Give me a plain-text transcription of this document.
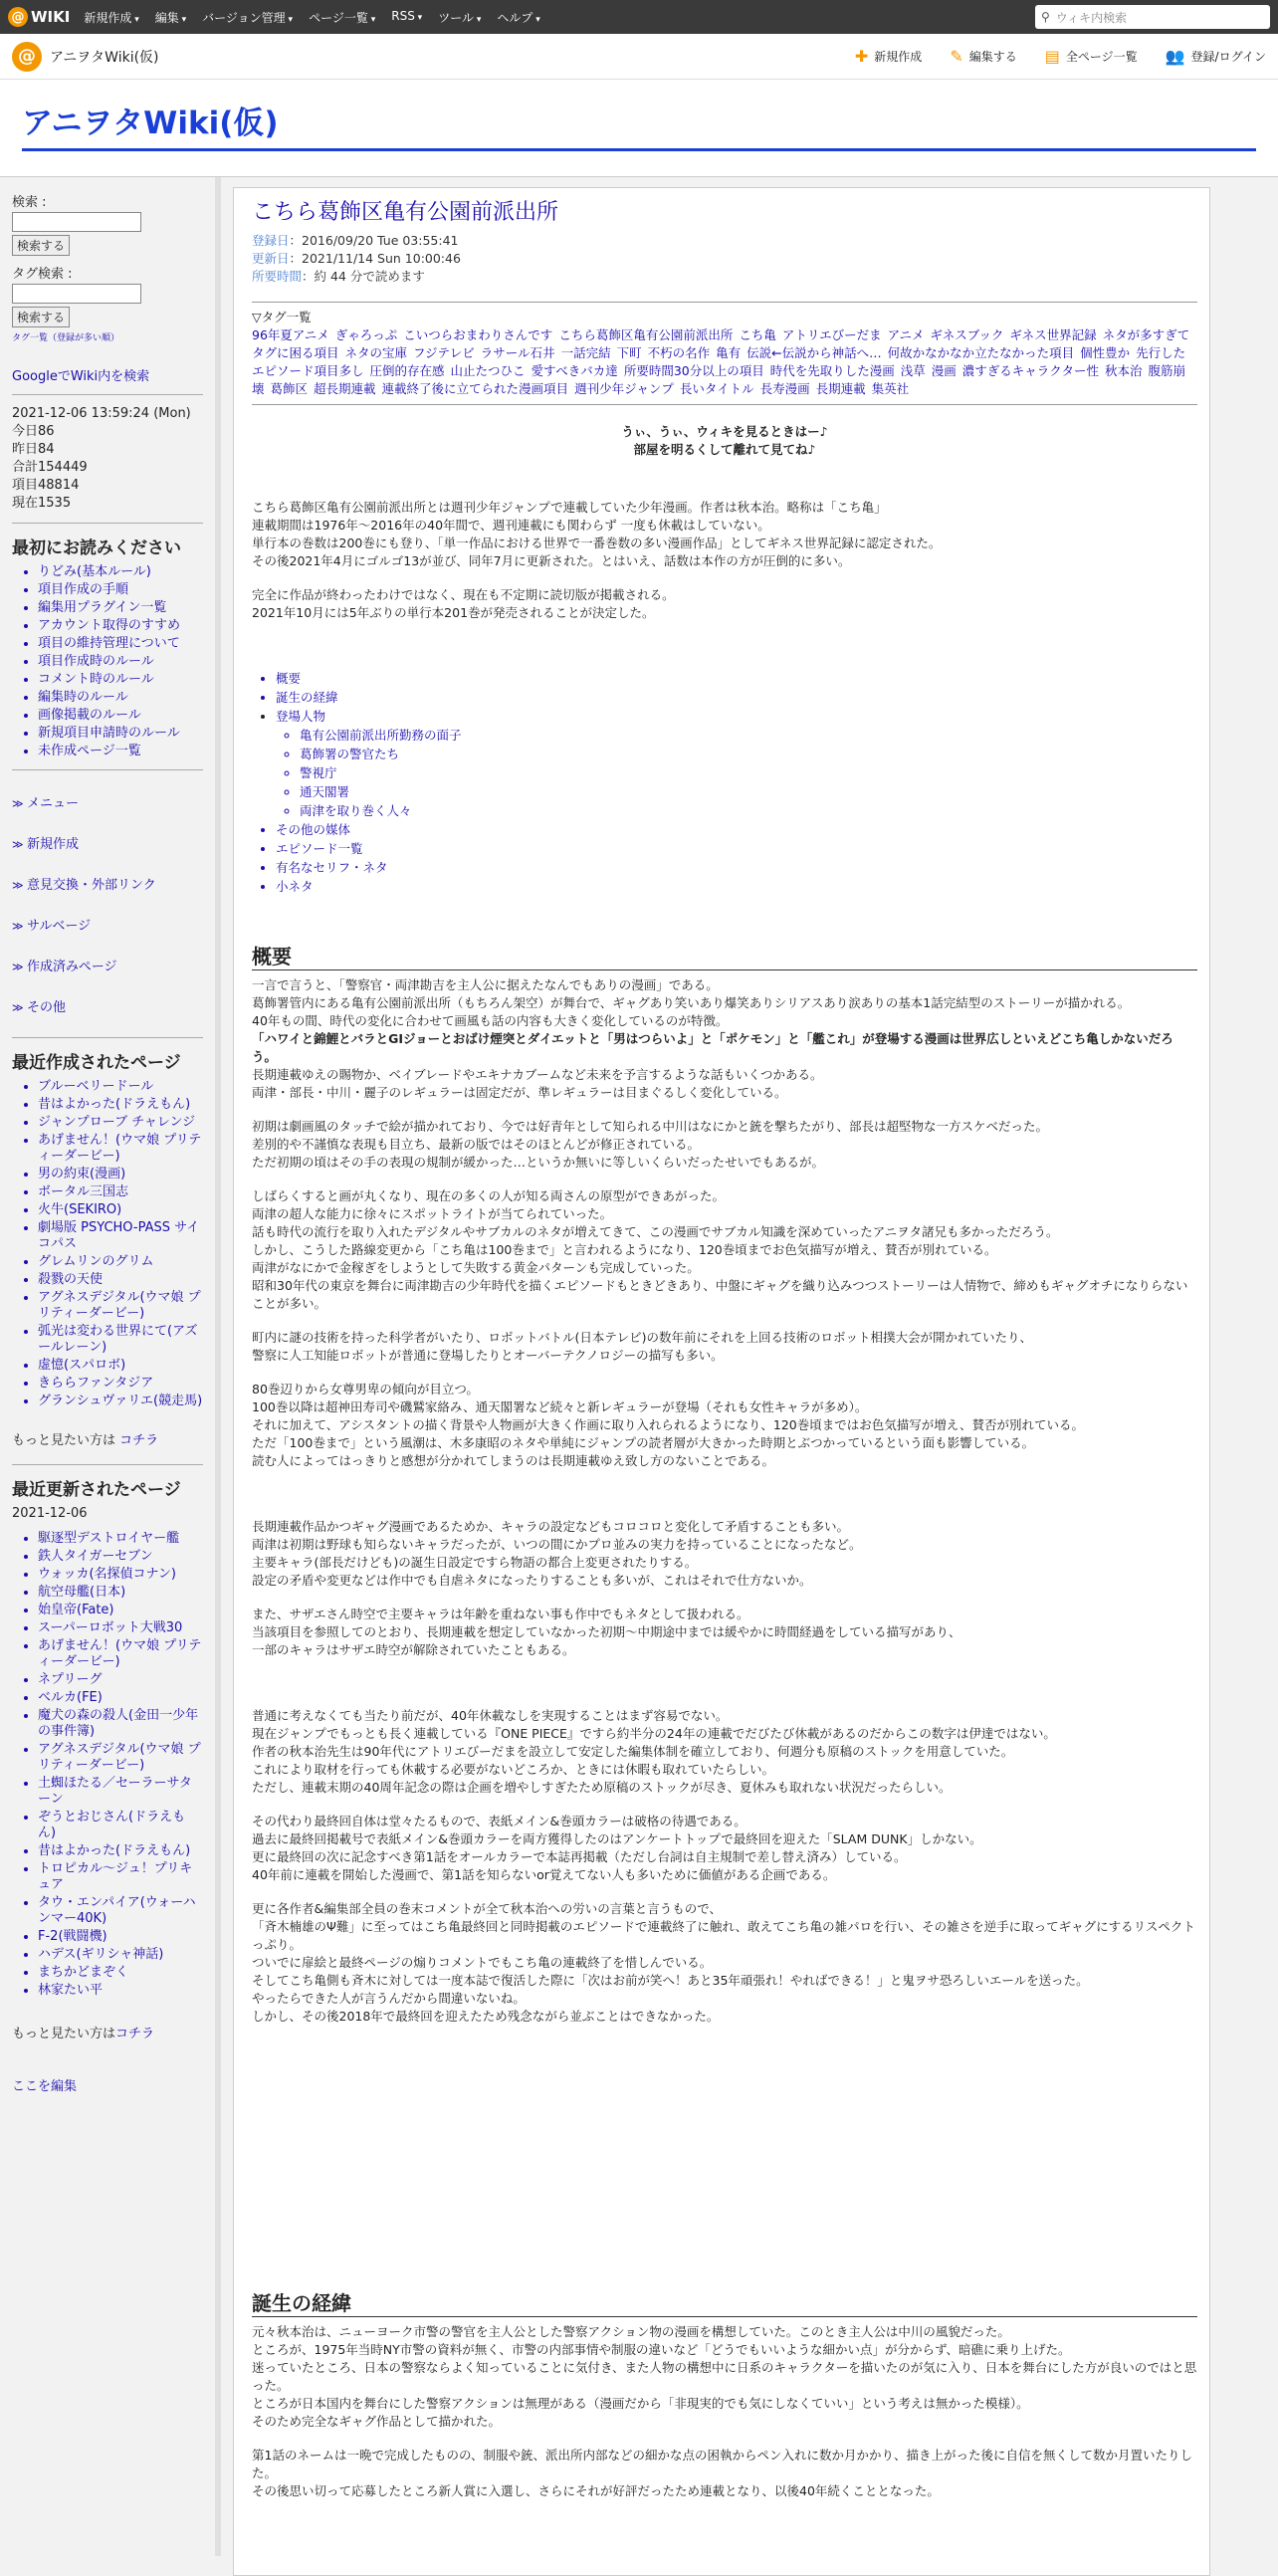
@ WIKI 新規作成 ▾	編集 ▾	バージョン管理 ▾	ページ一覧 ▾	RSS ▾	ツール ▾	ヘルプ ▾	⚲ ウィキ内検索
@	アニヲタWiki(仮)	✚ 新規作成 ✎ 編集する ▤ 全ページ一覧 👥 登録/ログイン
アニヲタWiki(仮)
検索 :
検索する
タグ検索 :
検索する
タグ一覧（登録が多い順）
GoogleでWiki内を検索
2021-12-06 13:59:24 (Mon)
今日86
昨日84
合計154449
項目48814
現在1535
最初にお読みください
• りどみ(基本ルール)
• 項目作成の手順
• 編集用プラグイン一覧
• アカウント取得のすすめ
• 項目の維持管理について
• 項目作成時のルール
• コメント時のルール
• 編集時のルール
• 画像掲載のルール
• 新規項目申請時のルール
• 未作成ページ一覧
≫ メニュー
≫ 新規作成
≫ 意見交換・外部リンク
≫ サルベージ
≫ 作成済みページ
≫ その他
最近作成されたページ
• ブルーベリードール
• 昔はよかった(ドラえもん)
• ジャンプローブ チャレンジ
• あげません！(ウマ娘 プリティーダービー)
• 男の約束(漫画)
• ボータル三国志
• 火牛(SEKIRO)
• 劇場版 PSYCHO-PASS サイコパス
• グレムリンのグリム
• 殺戮の天使
• アグネスデジタル(ウマ娘 プリティーダービー)
• 弧光は変わる世界にて(アズールレーン)
• 虚憶(スパロボ)
• きららファンタジア
• グランシュヴァリエ(競走馬)
もっと見たい方は コチラ
最近更新されたページ
2021-12-06
• 駆逐型デストロイヤー艦
• 鉄人タイガーセブン
• ウォッカ(名探偵コナン)
• 航空母艦(日本)
• 始皇帝(Fate)
• スーパーロボット大戦30
• あげません！(ウマ娘 プリティーダービー)
• ネプリーグ
• ベルカ(FE)
• 魔犬の森の殺人(金田一少年の事件簿)
• アグネスデジタル(ウマ娘 プリティーダービー)
• 土蜘ほたる／セーラーサターン
• ぞうとおじさん(ドラえもん)
• 昔はよかった(ドラえもん)
• トロピカル〜ジュ！プリキュア
• タウ・エンパイア(ウォーハンマー40K)
• F-2(戦闘機)
• ハデス(ギリシャ神話)
• まちかどまぞく
• 林家たい平
もっと見たい方はコチラ
ここを編集
こちら葛飾区亀有公園前派出所
登録日：2016/09/20 Tue 03:55:41
更新日：2021/11/14 Sun 10:00:46
所要時間：約 44 分で読めます
▽タグ一覧
96年夏アニメ ぎゃろっぷ こいつらおまわりさんです こちら葛飾区亀有公園前派出所 こち亀 アトリエびーだま アニメ ギネスブック ギネス世界記録 ネタが多すぎてタグに困る項目 ネタの宝庫 フジテレビ ラサール石井 一話完結 下町 不朽の名作 亀有 伝説←伝説から神話へ… 何故かなかなか立たなかった項目 個性豊か 先行したエピソード項目多し 圧倒的存在感 山止たつひこ 愛すべきバカ達 所要時間30分以上の項目 時代を先取りした漫画 浅草 漫画 濃すぎるキャラクター性 秋本治 腹筋崩壊 葛飾区 超長期連載 連載終了後に立てられた漫画項目 週刊少年ジャンプ 長いタイトル 長寿漫画 長期連載 集英社
うぃ、うぃ、ウィキを見るときはー♪
部屋を明るくして離れて見てね♪
こちら葛飾区亀有公園前派出所とは週刊少年ジャンプで連載していた少年漫画。作者は秋本治。略称は「こち亀」
連載期間は1976年～2016年の40年間で、週刊連載にも関わらず 一度も休載はしていない。
単行本の巻数は200巻にも登り、「単一作品における世界で一番巻数の多い漫画作品」としてギネス世界記録に認定された。
その後2021年4月にゴルゴ13が並び、同年7月に更新された。とはいえ、話数は本作の方が圧倒的に多い。
完全に作品が終わったわけではなく、現在も不定期に読切版が掲載される。
2021年10月には5年ぶりの単行本201巻が発売されることが決定した。
• 概要
• 誕生の経緯
• 登場人物
◦ 亀有公園前派出所勤務の面子
◦ 葛飾署の警官たち
◦ 警視庁
◦ 通天閣署
◦ 両津を取り巻く人々
• その他の媒体
• エピソード一覧
• 有名なセリフ・ネタ
• 小ネタ
概要
一言で言うと、「警察官・両津勘吉を主人公に据えたなんでもありの漫画」である。
葛飾署管内にある亀有公園前派出所（もちろん架空）が舞台で、ギャグあり笑いあり爆笑ありシリアスあり涙ありの基本1話完結型のストーリーが描かれる。
40年もの間、時代の変化に合わせて画風も話の内容も大きく変化しているのが特徴。
「ハワイと錦鯉とバラとGIジョーとおばけ煙突とダイエットと「男はつらいよ」と「ポケモン」と「艦これ」が登場する漫画は世界広しといえどこち亀しかないだろう。
長期連載ゆえの賜物か、ベイブレードやエキナカブームなど未来を予言するような話もいくつかある。
両津・部長・中川・麗子のレギュラーは固定だが、準レギュラーは目まぐるしく変化している。
初期は劇画風のタッチで絵が描かれており、今では好青年として知られる中川はなにかと銃を撃ちたがり、部長は超堅物な一方スケベだった。
差別的や不謹慎な表現も目立ち、最新の版ではそのほとんどが修正されている。
ただ初期の頃はその手の表現の規制が緩かった…というか無いに等しいくらいだったせいでもあるが。
しばらくすると画が丸くなり、現在の多くの人が知る両さんの原型ができあがった。
両津の超人な能力に徐々にスポットライトが当てられていった。
話も時代の流行を取り入れたデジタルやサブカルのネタが増えてきて、この漫画でサブカル知識を深めていったアニヲタ諸兄も多かっただろう。
しかし、こうした路線変更から「こち亀は100巻まで」と言われるようになり、120巻頃までお色気描写が増え、賛否が別れている。
両津がなにかで金稼ぎをしようとして失敗する黄金パターンも完成していった。
昭和30年代の東京を舞台に両津勘吉の少年時代を描くエピソードもときどきあり、中盤にギャグを織り込みつつストーリーは人情物で、締めもギャグオチになりらないことが多い。
町内に謎の技術を持った科学者がいたり、ロボットバトル(日本テレビ)の数年前にそれを上回る技術のロボット相撲大会が開かれていたり、
警察に人工知能ロボットが普通に登場したりとオーバーテクノロジーの描写も多い。
80巻辺りから女尊男卑の傾向が目立つ。
100巻以降は超神田寿司や磯鷲家絡み、通天閣署など続々と新レギュラーが登場（それも女性キャラが多め）。
それに加えて、アシスタントの描く背景や人物画が大きく作画に取り入れられるようになり、120巻頃まではお色気描写が増え、賛否が別れている。
ただ「100巻まで」という風潮は、木多康昭のネタや単純にジャンプの読者層が大きかった時期とぶつかっているという面も影響している。
読む人によってはっきりと感想が分かれてしまうのは長期連載ゆえ致し方のないことである。
長期連載作品かつギャグ漫画であるためか、キャラの設定などもコロコロと変化して矛盾することも多い。
両津は初期は野球も知らないキャラだったが、いつの間にかプロ並みの実力を持っていることになったなど。
主要キャラ(部長だけども)の誕生日設定ですら物語の都合上変更されたりする。
設定の矛盾や変更などは作中でも自虐ネタになったりすることも多いが、これはそれで仕方ないか。
また、サザエさん時空で主要キャラは年齢を重ねない事も作中でもネタとして扱われる。
当該項目を参照してのとおり、長期連載を想定していなかった初期～中期途中までは緩やかに時間経過をしている描写があり、
一部のキャラはサザエ時空が解除されていたこともある。
普通に考えなくても当たり前だが、40年休載なしを実現することはまず容易でない。
現在ジャンプでもっとも長く連載している『ONE PIECE』ですら約半分の24年の連載でだびたび休載があるのだからこの数字は伊達ではない。
作者の秋本治先生は90年代にアトリエびーだまを設立して安定した編集体制を確立しており、何週分も原稿のストックを用意していた。
これにより取材を行っても休載する必要がないどころか、ときには休暇も取れていたらしい。
ただし、連載末期の40周年記念の際は企画を増やしすぎたため原稿のストックが尽き、夏休みも取れない状況だったらしい。
その代わり最終回自体は堂々たるもので、表紙メイン&巻頭カラーは破格の待遇である。
過去に最終回掲載号で表紙メイン&巻頭カラーを両方獲得したのはアンケートトップで最終回を迎えた「SLAM DUNK」しかない。
更に最終回の次に記念すべき第1話をオールカラーで本誌再掲載（ただし台詞は自主規制で差し替え済み）している。
40年前に連載を開始した漫画で、第1話を知らないor覚えてない人も多いために価値がある企画である。
更に各作者&編集部全員の巻末コメントが全て秋本治への労いの言葉と言うもので、
「斉木楠雄のΨ難」に至ってはこち亀最終回と同時掲載のエピソードで連載終了に触れ、敢えてこち亀の雑パロを行い、その雑さを逆手に取ってギャグにするリスペクトっぷり。
ついでに扉絵と最終ページの煽りコメントでもこち亀の連載終了を惜しんでいる。
そしてこち亀側も斉木に対しては一度本誌で復活した際に「次はお前が笑へ！あと35年頑張れ！やればできる！」と鬼ヲサ恐ろしいエールを送った。
やったらできた人が言うんだから間違いないね。
しかし、その後2018年で最終回を迎えたため残念ながら並ぶことはできなかった。
誕生の経緯
元々秋本治は、ニューヨーク市警の警官を主人公とした警察アクション物の漫画を構想していた。このとき主人公は中川の風貌だった。
ところが、1975年当時NY市警の資料が無く、市警の内部事情や制服の違いなど「どうでもいいような細かい点」が分からず、暗礁に乗り上げた。
迷っていたところ、日本の警察ならよく知っていることに気付き、また人物の構想中に日系のキャラクターを描いたのが気に入り、日本を舞台にした方が良いのではと思った。
ところが日本国内を舞台にした警察アクションは無理がある（漫画だから「非現実的でも気にしなくていい」という考えは無かった模様）。
そのため完全なギャグ作品として描かれた。
第1話のネームは一晩で完成したものの、制服や銃、派出所内部などの細かな点の困執からペン入れに数か月かかり、描き上がった後に自信を無くして数か月置いたりした。
その後思い切って応募したところ新人賞に入選し、さらにそれが好評だったため連載となり、以後40年続くこととなった。
